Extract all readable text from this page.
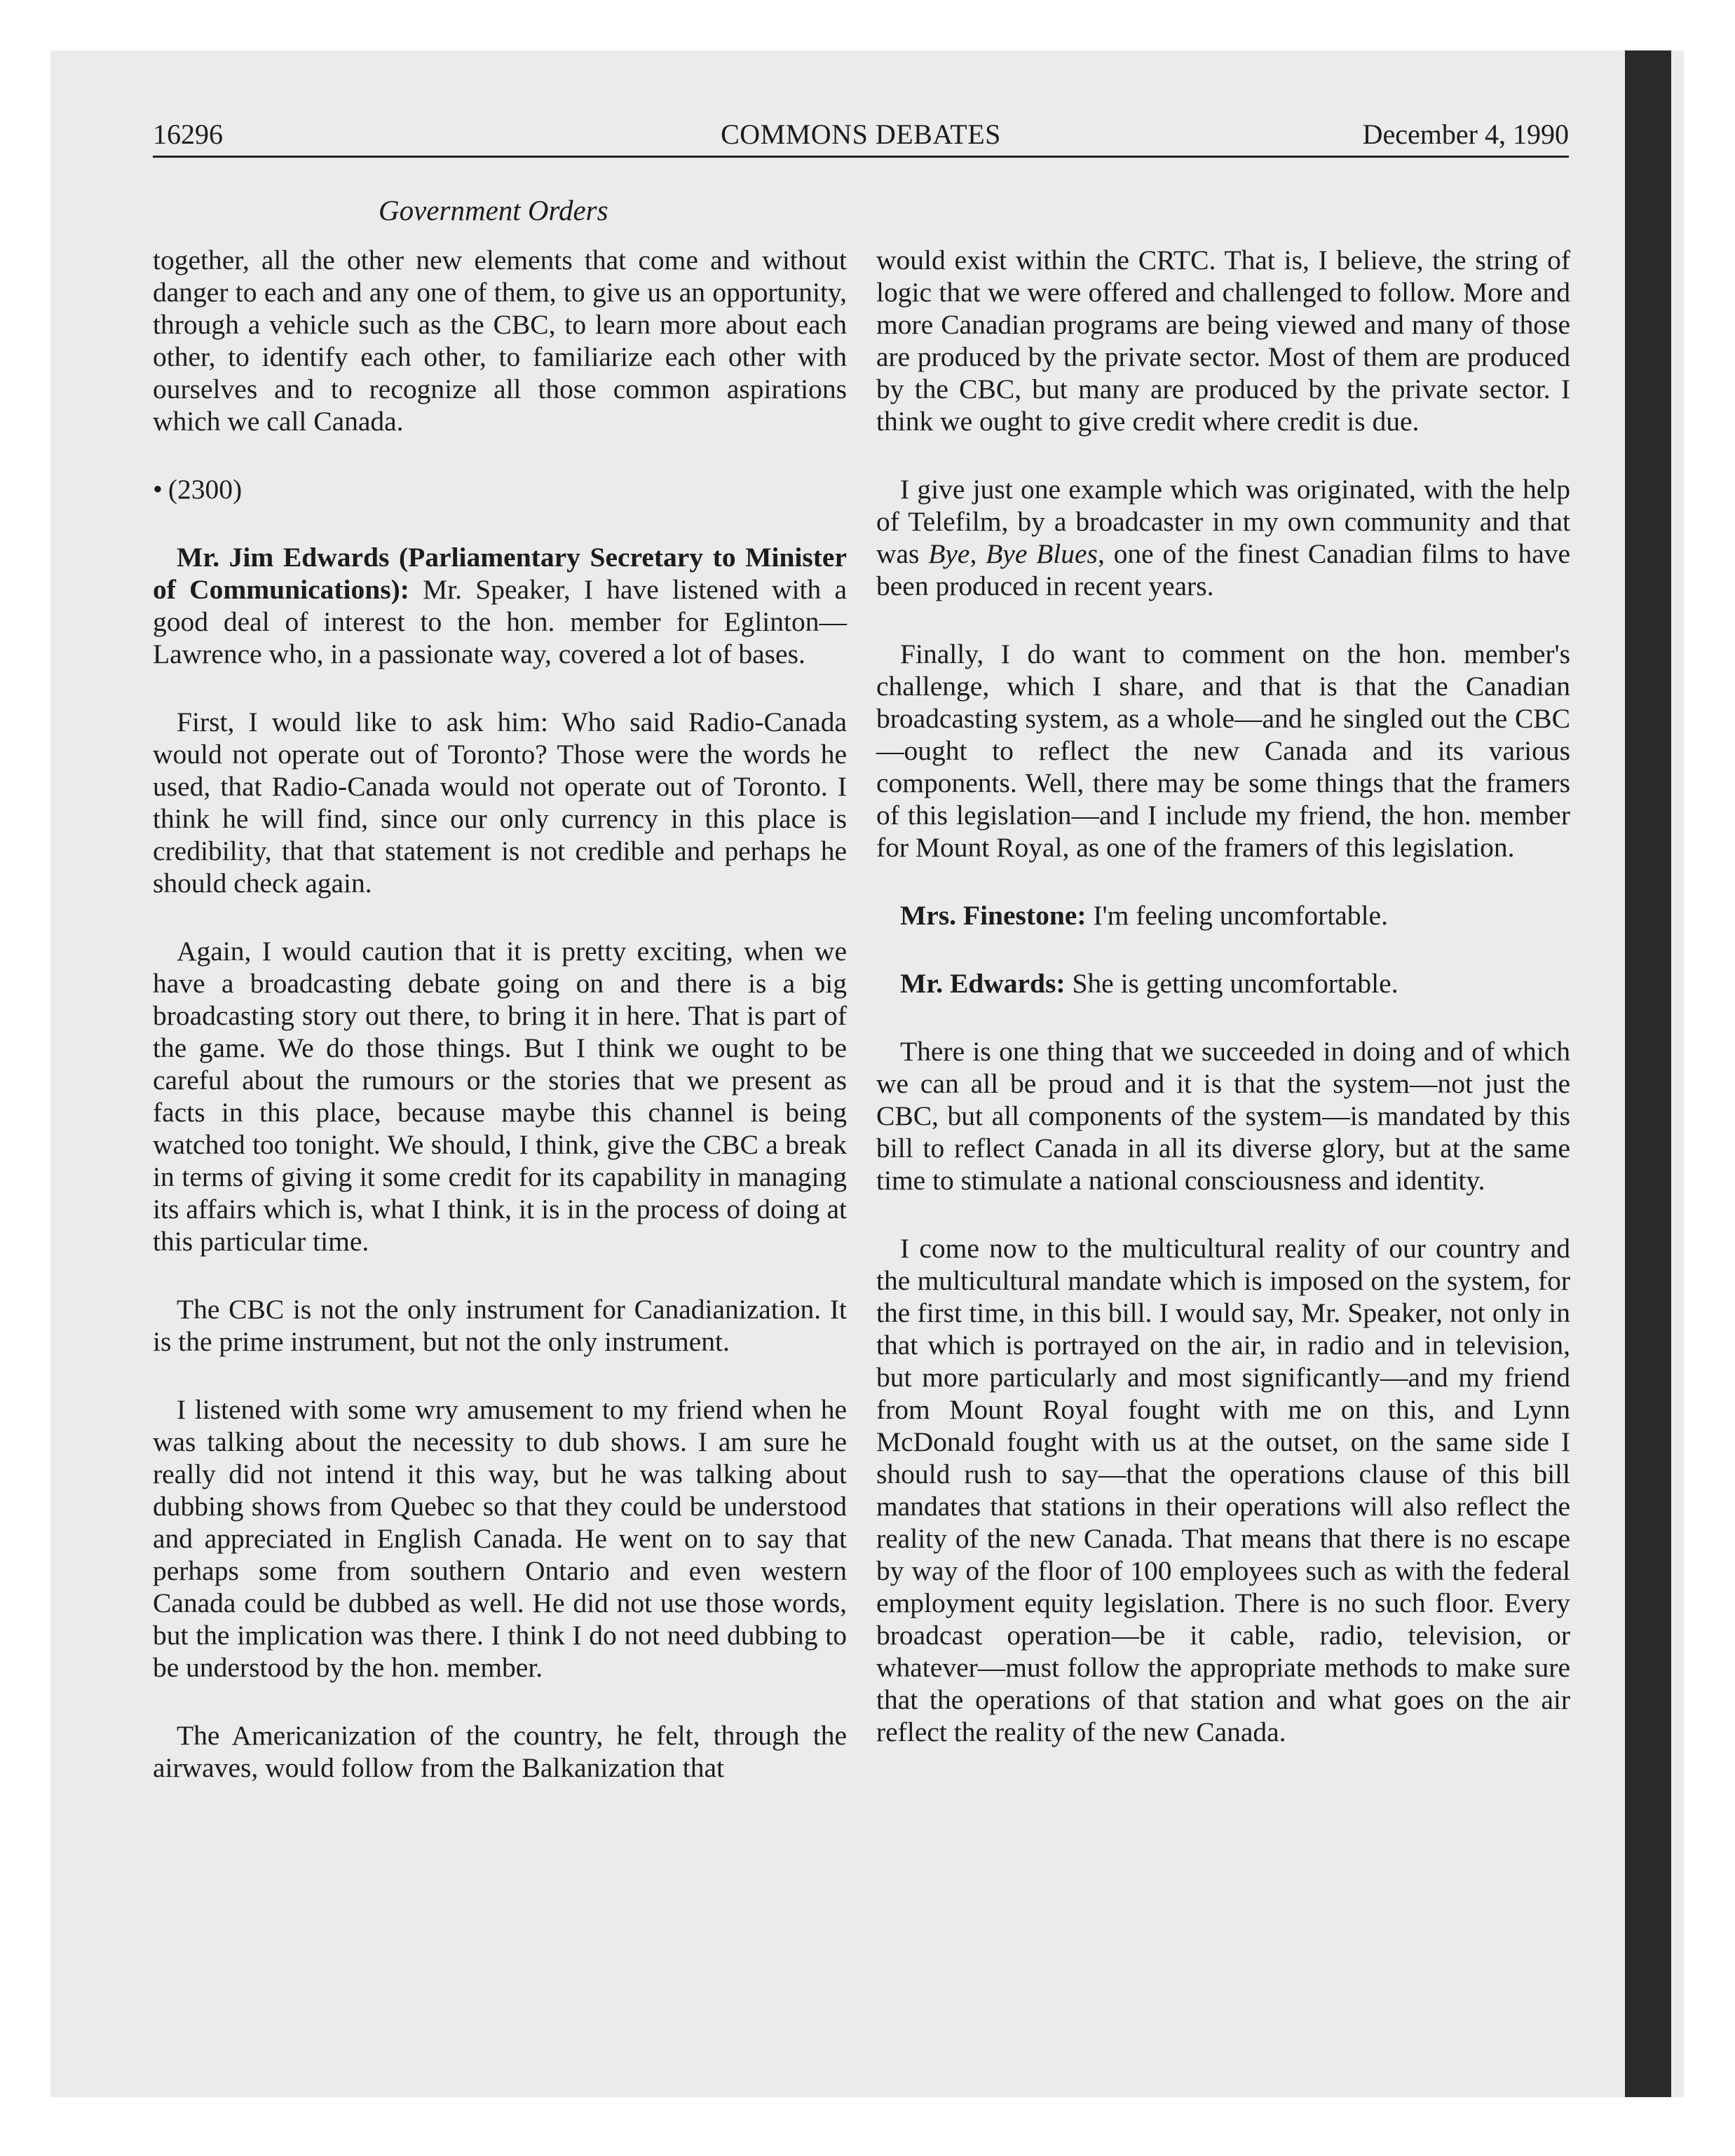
16296	COMMONS DEBATES	December 4, 1990
Government Orders

together, all the other new elements that come and without danger to each and any one of them, to give us an opportunity, through a vehicle such as the CBC, to learn more about each other, to identify each other, to familiarize each other with ourselves and to recognize all those common aspirations which we call Canada.

• (2300)

Mr. Jim Edwards (Parliamentary Secretary to Minister of Communications): Mr. Speaker, I have listened with a good deal of interest to the hon. member for Eglinton—Lawrence who, in a passionate way, covered a lot of bases.

First, I would like to ask him: Who said Radio-Canada would not operate out of Toronto? Those were the words he used, that Radio-Canada would not operate out of Toronto. I think he will find, since our only currency in this place is credibility, that that statement is not credible and perhaps he should check again.

Again, I would caution that it is pretty exciting, when we have a broadcasting debate going on and there is a big broadcasting story out there, to bring it in here. That is part of the game. We do those things. But I think we ought to be careful about the rumours or the stories that we present as facts in this place, because maybe this channel is being watched too tonight. We should, I think, give the CBC a break in terms of giving it some credit for its capability in managing its affairs which is, what I think, it is in the process of doing at this particular time.

The CBC is not the only instrument for Canadianization. It is the prime instrument, but not the only instrument.

I listened with some wry amusement to my friend when he was talking about the necessity to dub shows. I am sure he really did not intend it this way, but he was talking about dubbing shows from Quebec so that they could be understood and appreciated in English Canada. He went on to say that perhaps some from southern Ontario and even western Canada could be dubbed as well. He did not use those words, but the implication was there. I think I do not need dubbing to be understood by the hon. member.

The Americanization of the country, he felt, through the airwaves, would follow from the Balkanization that

would exist within the CRTC. That is, I believe, the string of logic that we were offered and challenged to follow. More and more Canadian programs are being viewed and many of those are produced by the private sector. Most of them are produced by the CBC, but many are produced by the private sector. I think we ought to give credit where credit is due.

I give just one example which was originated, with the help of Telefilm, by a broadcaster in my own community and that was Bye, Bye Blues, one of the finest Canadian films to have been produced in recent years.

Finally, I do want to comment on the hon. member's challenge, which I share, and that is that the Canadian broadcasting system, as a whole—and he singled out the CBC—ought to reflect the new Canada and its various components. Well, there may be some things that the framers of this legislation—and I include my friend, the hon. member for Mount Royal, as one of the framers of this legislation.

Mrs. Finestone: I'm feeling uncomfortable.

Mr. Edwards: She is getting uncomfortable.

There is one thing that we succeeded in doing and of which we can all be proud and it is that the system—not just the CBC, but all components of the system—is mandated by this bill to reflect Canada in all its diverse glory, but at the same time to stimulate a national consciousness and identity.

I come now to the multicultural reality of our country and the multicultural mandate which is imposed on the system, for the first time, in this bill. I would say, Mr. Speaker, not only in that which is portrayed on the air, in radio and in television, but more particularly and most significantly—and my friend from Mount Royal fought with me on this, and Lynn McDonald fought with us at the outset, on the same side I should rush to say—that the operations clause of this bill mandates that stations in their operations will also reflect the reality of the new Canada. That means that there is no escape by way of the floor of 100 employees such as with the federal employment equity legislation. There is no such floor. Every broadcast operation—be it cable, radio, television, or whatever—must follow the appropriate methods to make sure that the operations of that station and what goes on the air reflect the reality of the new Canada.
